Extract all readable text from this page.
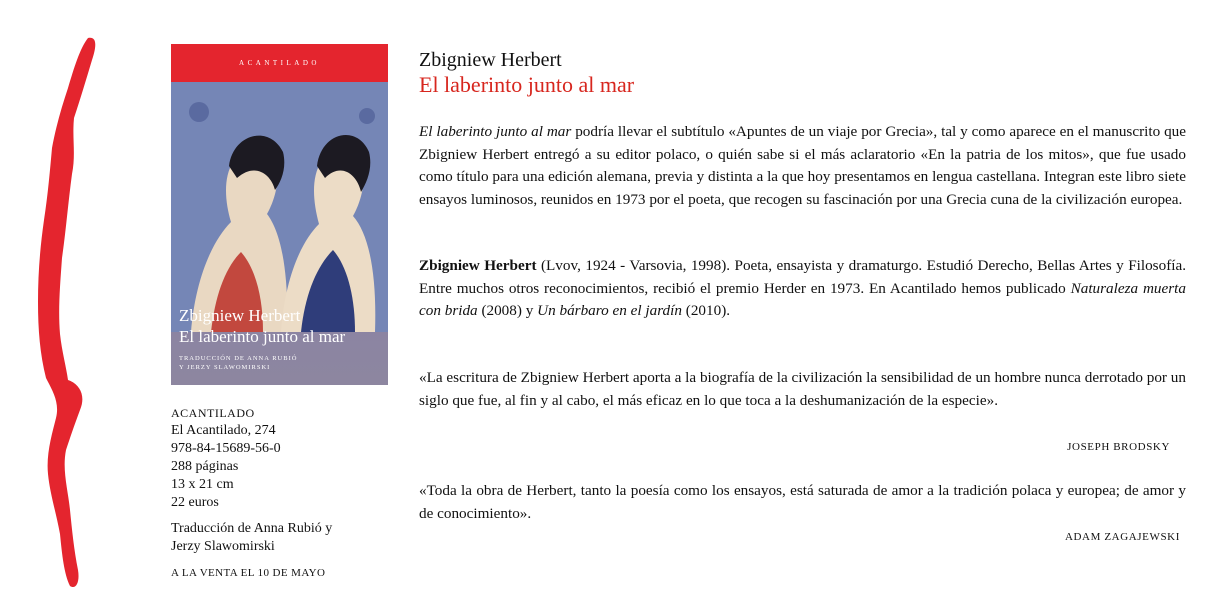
ACANTILADO
Zbigniew Herbert
El laberinto junto al mar
TRADUCCIÓN DE ANNA RUBIÓ
Y JERZY SLAWOMIRSKI
ACANTILADO
El Acantilado, 274
978-84-15689-56-0
288 páginas
13 x 21 cm
22 euros
Traducción de Anna Rubió y
Jerzy Slawomirski
A LA VENTA EL 10 DE MAYO

Zbigniew Herbert

El laberinto junto al mar

El laberinto junto al mar podría llevar el subtítulo «Apuntes de un viaje por Grecia», tal y como aparece en el manuscrito que Zbigniew Herbert entregó a su editor polaco, o quién sabe si el más aclaratorio «En la patria de los mitos», que fue usado como título para una edición alemana, previa y distinta a la que hoy presentamos en lengua castellana. Integran este libro siete ensayos luminosos, reunidos en 1973 por el poeta, que recogen su fascinación por una Grecia cuna de la civilización europea.

Zbigniew Herbert (Lvov, 1924 - Varsovia, 1998). Poeta, ensayista y dramaturgo. Estudió Derecho, Bellas Artes y Filosofía. Entre muchos otros reconocimientos, recibió el premio Herder en 1973. En Acantilado hemos publicado Naturaleza muerta con brida (2008) y Un bárbaro en el jardín (2010).

«La escritura de Zbigniew Herbert aporta a la biografía de la civilización la sensibilidad de un hombre nunca derrotado por un siglo que fue, al fin y al cabo, el más eficaz en lo que toca a la deshumanización de la especie».

JOSEPH BRODSKY

«Toda la obra de Herbert, tanto la poesía como los ensayos, está saturada de amor a la tradición polaca y europea; de amor y de conocimiento».

ADAM ZAGAJEWSKI
